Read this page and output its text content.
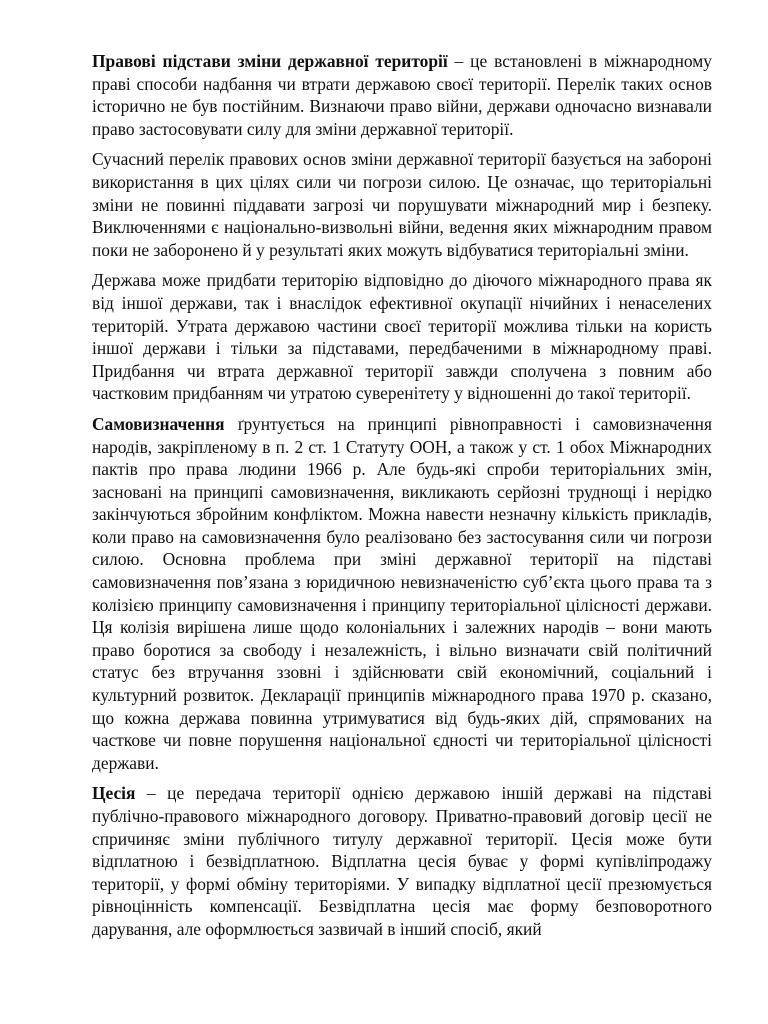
Правові підстави зміни державної території – це встановлені в міжнародному праві способи надбання чи втрати державою своєї території. Перелік таких основ історично не був постійним. Визнаючи право війни, держави одночасно визнавали право застосовувати силу для зміни державної території.

Сучасний перелік правових основ зміни державної території базується на забороні використання в цих цілях сили чи погрози силою. Це означає, що територіальні зміни не повинні піддавати загрозі чи порушувати міжнародний мир і безпеку. Виключеннями є національно-визвольні війни, ведення яких міжнародним правом поки не заборонено й у результаті яких можуть відбуватися територіальні зміни.

Держава може придбати територію відповідно до діючого міжнародного права як від іншої держави, так і внаслідок ефективної окупації нічийних і ненаселених територій. Утрата державою частини своєї території можлива тільки на користь іншої держави і тільки за підставами, передбаченими в міжнародному праві. Придбання чи втрата державної території завжди сполучена з повним або частковим придбанням чи утратою суверенітету у відношенні до такої території.

Самовизначення ґрунтується на принципі рівноправності і самовизначення народів, закріпленому в п. 2 ст. 1 Статуту ООН, а також у ст. 1 обох Міжнародних пактів про права людини 1966 р. Але будь-які спроби територіальних змін, засновані на принципі самовизначення, викликають серйозні труднощі і нерідко закінчуються збройним конфліктом. Можна навести незначну кількість прикладів, коли право на самовизначення було реалізовано без застосування сили чи погрози силою. Основна проблема при зміні державної території на підставі самовизначення пов’язана з юридичною невизначеністю суб’єкта цього права та з колізією принципу самовизначення і принципу територіальної цілісності держави. Ця колізія вирішена лише щодо колоніальних і залежних народів – вони мають право боротися за свободу і незалежність, і вільно визначати свій політичний статус без втручання ззовні і здійснювати свій економічний, соціальний і культурний розвиток. Декларації принципів міжнародного права 1970 р. сказано, що кожна держава повинна утримуватися від будь-яких дій, спрямованих на часткове чи повне порушення національної єдності чи територіальної цілісності держави.

Цесія – це передача території однією державою іншій державі на підставі публічно-правового міжнародного договору. Приватно-правовий договір цесії не спричиняє зміни публічного титулу державної території. Цесія може бути відплатною і безвідплатною. Відплатна цесія буває у формі купівліпродажу території, у формі обміну територіями. У випадку відплатної цесії презюмується рівноцінність компенсації. Безвідплатна цесія має форму безповоротного дарування, але оформлюється зазвичай в інший спосіб, який
